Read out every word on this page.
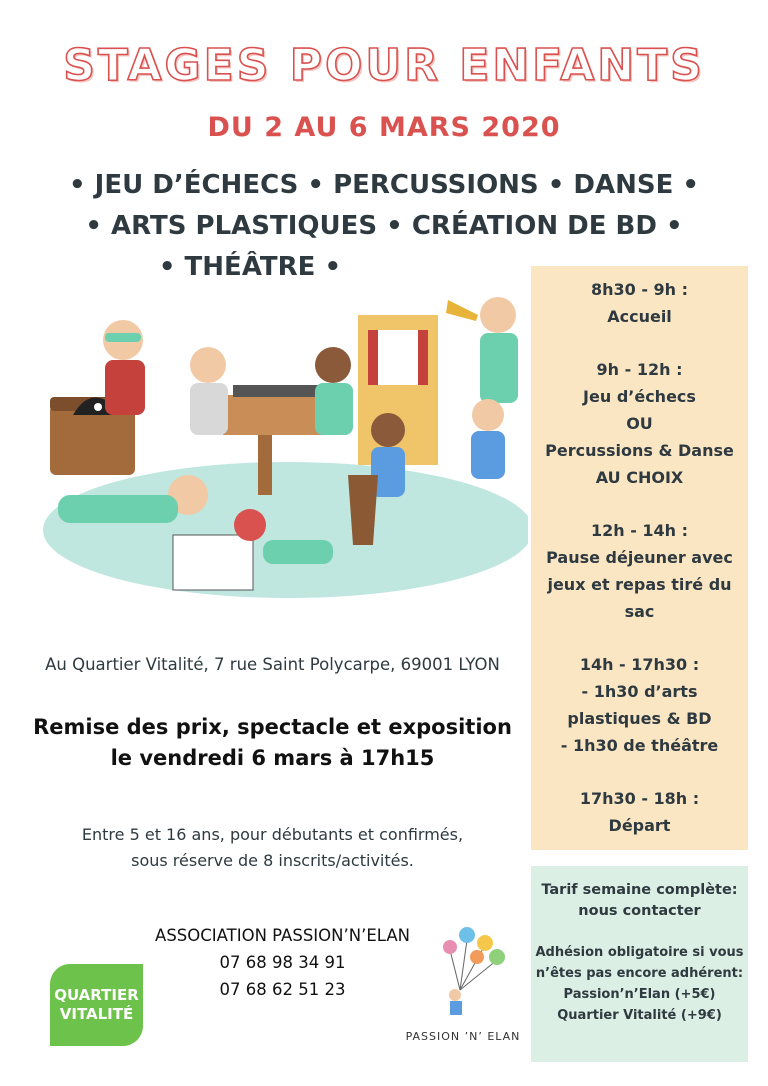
STAGES POUR ENFANTS
DU 2 AU 6 MARS 2020
• JEU D’ÉCHECS • PERCUSSIONS • DANSE •
• ARTS PLASTIQUES • CRÉATION DE BD •
• THÉÂTRE •
8h30 - 9h :
Accueil
9h - 12h :
Jeu d’échecs
OU
Percussions & Danse
AU CHOIX
12h - 14h :
Pause déjeuner avec
jeux et repas tiré du
sac
14h - 17h30 :
- 1h30 d’arts
plastiques & BD
- 1h30 de théâtre
17h30 - 18h :
Départ
Tarif semaine complète:
nous contacter
Adhésion obligatoire si vous
n’êtes pas encore adhérent:
Passion’n’Elan (+5€)
Quartier Vitalité (+9€)
Au Quartier Vitalité, 7 rue Saint Polycarpe, 69001 LYON
Remise des prix, spectacle et exposition
le vendredi 6 mars à 17h15
Entre 5 et 16 ans, pour débutants et confirmés,
sous réserve de 8 inscrits/activités.
ASSOCIATION PASSION’N’ELAN
07 68 98 34 91
07 68 62 51 23
QUARTIER
VITALITÉ
PASSION ’N’ ELAN
